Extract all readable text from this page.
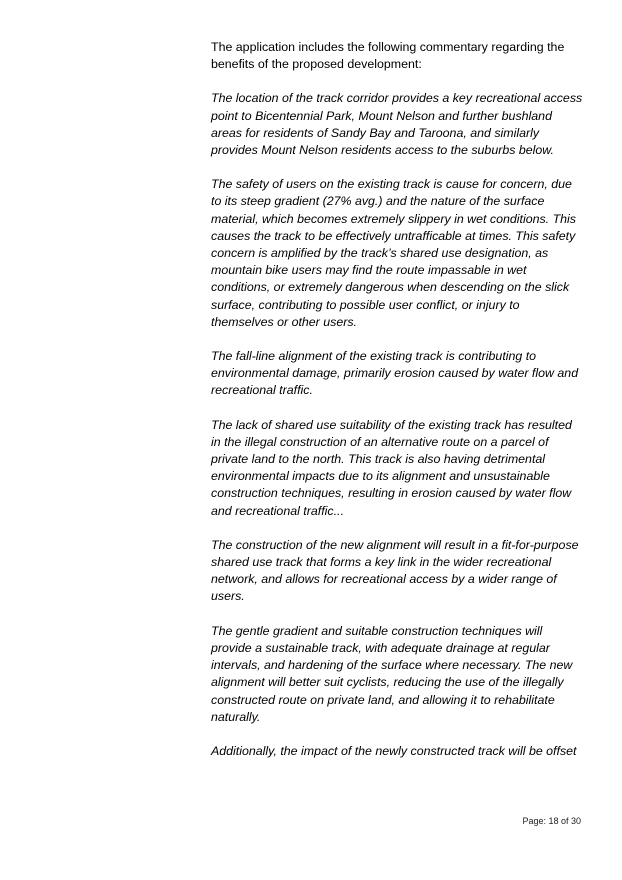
The application includes the following commentary regarding the benefits of the proposed development:

The location of the track corridor provides a key recreational access point to Bicentennial Park, Mount Nelson and further bushland areas for residents of Sandy Bay and Taroona, and similarly provides Mount Nelson residents access to the suburbs below.

The safety of users on the existing track is cause for concern, due to its steep gradient (27% avg.) and the nature of the surface material, which becomes extremely slippery in wet conditions. This causes the track to be effectively untrafficable at times. This safety concern is amplified by the track’s shared use designation, as mountain bike users may find the route impassable in wet conditions, or extremely dangerous when descending on the slick surface, contributing to possible user conflict, or injury to themselves or other users.

The fall-line alignment of the existing track is contributing to environmental damage, primarily erosion caused by water flow and recreational traffic.

The lack of shared use suitability of the existing track has resulted in the illegal construction of an alternative route on a parcel of private land to the north. This track is also having detrimental environmental impacts due to its alignment and unsustainable construction techniques, resulting in erosion caused by water flow and recreational traffic...

The construction of the new alignment will result in a fit-for-purpose shared use track that forms a key link in the wider recreational network, and allows for recreational access by a wider range of users.

The gentle gradient and suitable construction techniques will provide a sustainable track, with adequate drainage at regular intervals, and hardening of the surface where necessary. The new alignment will better suit cyclists, reducing the use of the illegally constructed route on private land, and allowing it to rehabilitate naturally.

Additionally, the impact of the newly constructed track will be offset

Page: 18 of 30
